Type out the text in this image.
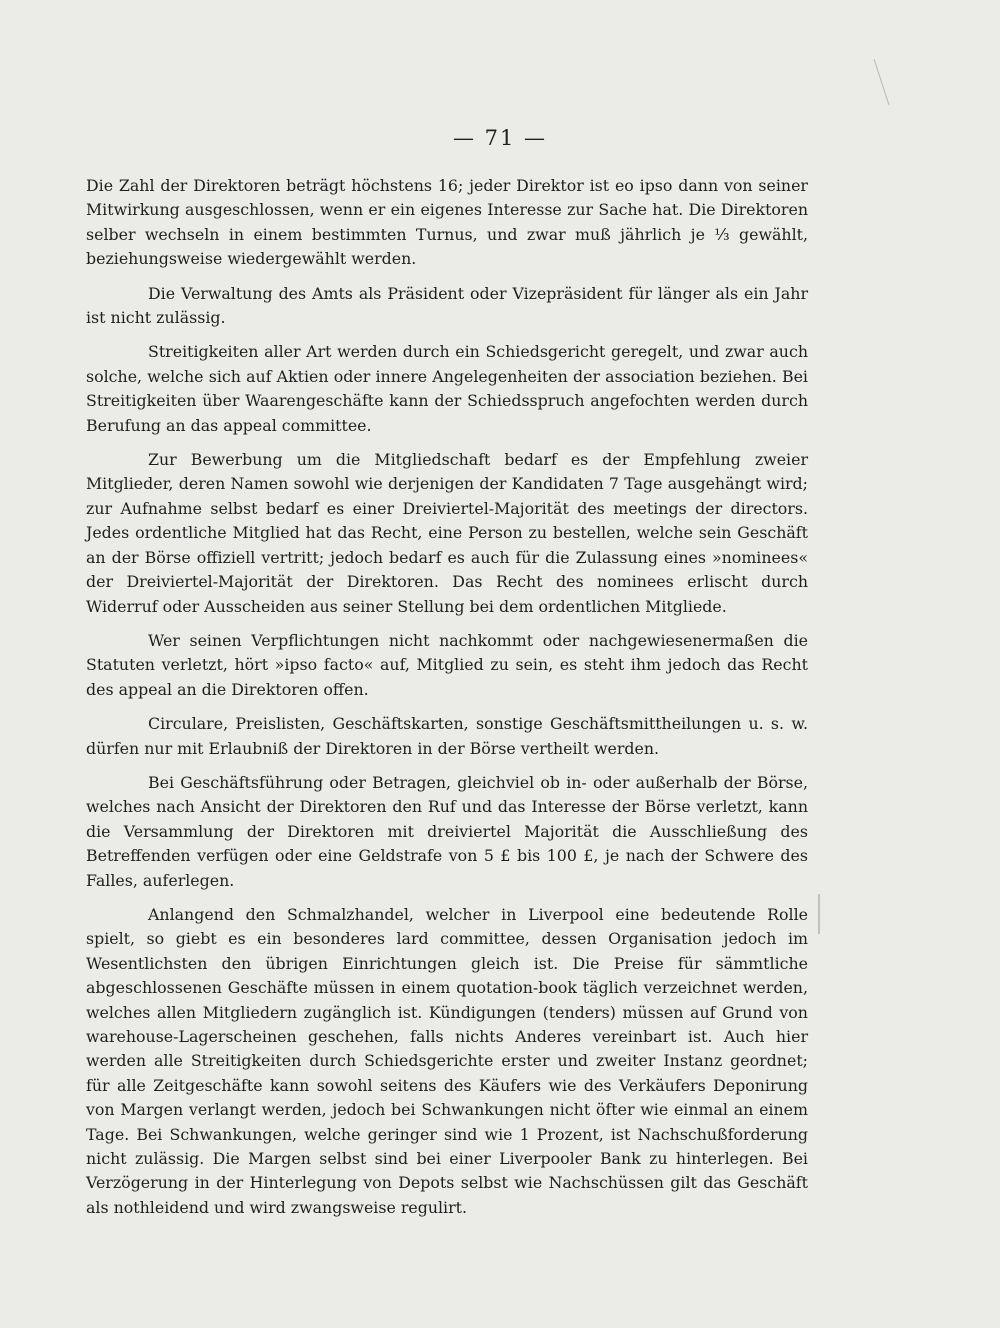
— 71 —

Die Zahl der Direktoren beträgt höchstens 16; jeder Direktor ist eo ipso dann von seiner Mitwirkung ausgeschlossen, wenn er ein eigenes Interesse zur Sache hat. Die Direktoren selber wechseln in einem bestimmten Turnus, und zwar muß jährlich je ⅓ gewählt, beziehungsweise wiedergewählt werden.

Die Verwaltung des Amts als Präsident oder Vizepräsident für länger als ein Jahr ist nicht zulässig.

Streitigkeiten aller Art werden durch ein Schiedsgericht geregelt, und zwar auch solche, welche sich auf Aktien oder innere Angelegenheiten der association beziehen. Bei Streitigkeiten über Waarengeschäfte kann der Schiedsspruch angefochten werden durch Berufung an das appeal committee.

Zur Bewerbung um die Mitgliedschaft bedarf es der Empfehlung zweier Mitglieder, deren Namen sowohl wie derjenigen der Kandidaten 7 Tage ausgehängt wird; zur Aufnahme selbst bedarf es einer Dreiviertel-Majorität des meetings der directors. Jedes ordentliche Mitglied hat das Recht, eine Person zu bestellen, welche sein Geschäft an der Börse offiziell vertritt; jedoch bedarf es auch für die Zulassung eines »nominees« der Dreiviertel-Majorität der Direktoren. Das Recht des nominees erlischt durch Widerruf oder Ausscheiden aus seiner Stellung bei dem ordentlichen Mitgliede.

Wer seinen Verpflichtungen nicht nachkommt oder nachgewiesenermaßen die Statuten verletzt, hört »ipso facto« auf, Mitglied zu sein, es steht ihm jedoch das Recht des appeal an die Direktoren offen.

Circulare, Preislisten, Geschäftskarten, sonstige Geschäftsmittheilungen u. s. w. dürfen nur mit Erlaubniß der Direktoren in der Börse vertheilt werden.

Bei Geschäftsführung oder Betragen, gleichviel ob in- oder außerhalb der Börse, welches nach Ansicht der Direktoren den Ruf und das Interesse der Börse verletzt, kann die Versammlung der Direktoren mit dreiviertel Majorität die Ausschließung des Betreffenden verfügen oder eine Geldstrafe von 5 £ bis 100 £, je nach der Schwere des Falles, auferlegen.

Anlangend den Schmalzhandel, welcher in Liverpool eine bedeutende Rolle spielt, so giebt es ein besonderes lard committee, dessen Organisation jedoch im Wesentlichsten den übrigen Einrichtungen gleich ist. Die Preise für sämmtliche abgeschlossenen Geschäfte müssen in einem quotation-book täglich verzeichnet werden, welches allen Mitgliedern zugänglich ist. Kündigungen (tenders) müssen auf Grund von warehouse-Lagerscheinen geschehen, falls nichts Anderes vereinbart ist. Auch hier werden alle Streitigkeiten durch Schiedsgerichte erster und zweiter Instanz geordnet; für alle Zeitgeschäfte kann sowohl seitens des Käufers wie des Verkäufers Deponirung von Margen verlangt werden, jedoch bei Schwankungen nicht öfter wie einmal an einem Tage. Bei Schwankungen, welche geringer sind wie 1 Prozent, ist Nachschußforderung nicht zulässig. Die Margen selbst sind bei einer Liverpooler Bank zu hinterlegen. Bei Verzögerung in der Hinterlegung von Depots selbst wie Nachschüssen gilt das Geschäft als nothleidend und wird zwangsweise regulirt.
